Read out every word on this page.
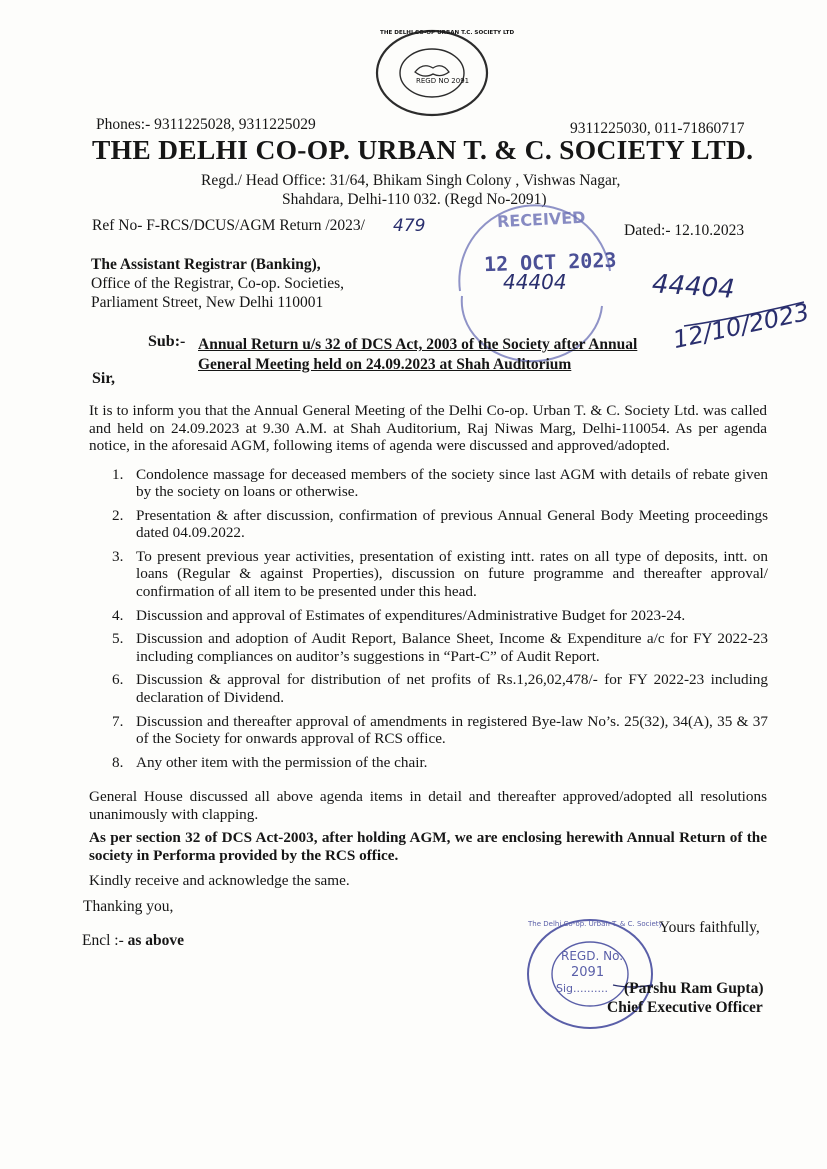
REGD NO 2091
THE DELHI CO-OP URBAN T.C. SOCIETY LTD
Phones:- 9311225028, 9311225029	9311225030, 011-71860717
THE DELHI CO-OP. URBAN T. & C. SOCIETY LTD.
Regd./ Head Office: 31/64, Bhikam Singh Colony , Vishwas Nagar,
Shahdara, Delhi-110 032. (Regd No-2091)
Ref No- F-RCS/DCUS/AGM Return /2023/ 479	Dated:- 12.10.2023
RECEIVED
12 OCT 2023
44404	44404
12/10/2023
The Assistant Registrar (Banking),
Office of the Registrar, Co-op. Societies,
Parliament Street, New Delhi 110001
Sub:- Annual Return u/s 32 of DCS Act, 2003 of the Society after Annual General Meeting held on 24.09.2023 at Shah Auditorium
Sir,
It is to inform you that the Annual General Meeting of the Delhi Co-op. Urban T. & C. Society Ltd. was called and held on 24.09.2023 at 9.30 A.M. at Shah Auditorium, Raj Niwas Marg, Delhi-110054. As per agenda notice, in the aforesaid AGM, following items of agenda were discussed and approved/adopted.
1. Condolence massage for deceased members of the society since last AGM with details of rebate given by the society on loans or otherwise.
2. Presentation & after discussion, confirmation of previous Annual General Body Meeting proceedings dated 04.09.2022.
3. To present previous year activities, presentation of existing intt. rates on all type of deposits, intt. on loans (Regular & against Properties), discussion on future programme and thereafter approval/ confirmation of all item to be presented under this head.
4. Discussion and approval of Estimates of expenditures/Administrative Budget for 2023-24.
5. Discussion and adoption of Audit Report, Balance Sheet, Income & Expenditure a/c for FY 2022-23 including compliances on auditor’s suggestions in “Part-C” of Audit Report.
6. Discussion & approval for distribution of net profits of Rs.1,26,02,478/- for FY 2022-23 including declaration of Dividend.
7. Discussion and thereafter approval of amendments in registered Bye-law No’s. 25(32), 34(A), 35 & 37 of the Society for onwards approval of RCS office.
8. Any other item with the permission of the chair.
General House discussed all above agenda items in detail and thereafter approved/adopted all resolutions unanimously with clapping.
As per section 32 of DCS Act-2003, after holding AGM, we are enclosing herewith Annual Return of the society in Performa provided by the RCS office.
Kindly receive and acknowledge the same.
Thanking you,
Encl :- as above
Yours faithfully,
The Delhi Co-op. Urban T. & C. Society
REGD. No.
2091
Sig.......... (Parshu Ram Gupta)
Chief Executive Officer
